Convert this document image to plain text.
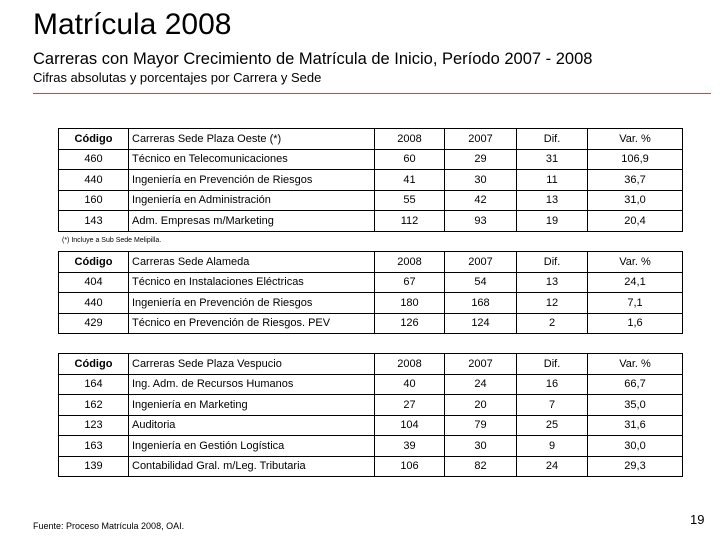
Matrícula 2008
Carreras con Mayor Crecimiento de Matrícula de Inicio, Período 2007 - 2008
Cifras absolutas y porcentajes por Carrera y Sede
Código	Carreras Sede Plaza Oeste (*)	2008	2007	Dif.	Var. %
460	Técnico en Telecomunicaciones	60	29	31	106,9
440	Ingeniería en Prevención de Riesgos	41	30	11	36,7
160	Ingeniería en Administración	55	42	13	31,0
143	Adm. Empresas m/Marketing	112	93	19	20,4
(*) Incluye a Sub Sede Melipilla.
Código	Carreras Sede Alameda	2008	2007	Dif.	Var. %
404	Técnico en Instalaciones Eléctricas	67	54	13	24,1
440	Ingeniería en Prevención de Riesgos	180	168	12	7,1
429	Técnico en Prevención de Riesgos. PEV	126	124	2	1,6
Código	Carreras Sede Plaza Vespucio	2008	2007	Dif.	Var. %
164	Ing. Adm. de Recursos Humanos	40	24	16	66,7
162	Ingeniería en Marketing	27	20	7	35,0
123	Auditoria	104	79	25	31,6
163	Ingeniería en Gestión Logística	39	30	9	30,0
139	Contabilidad Gral. m/Leg. Tributaria	106	82	24	29,3
Fuente: Proceso Matrícula 2008, OAI.	19
